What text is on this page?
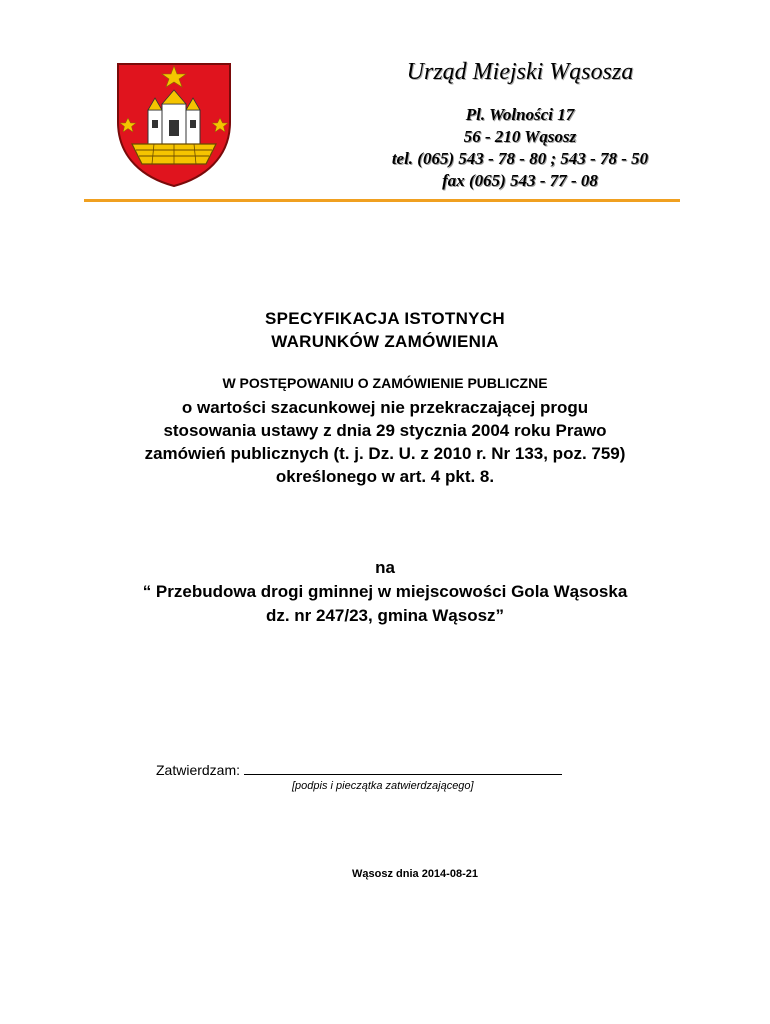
Urząd Miejski Wąsosza
Pl. Wolności 17
56 - 210 Wąsosz
tel. (065) 543 - 78 - 80 ; 543 - 78 - 50
fax (065) 543 - 77 - 08
SPECYFIKACJA ISTOTNYCH
WARUNKÓW ZAMÓWIENIA
W POSTĘPOWANIU O ZAMÓWIENIE PUBLICZNE
o wartości szacunkowej nie przekraczającej progu
stosowania ustawy z dnia 29 stycznia 2004 roku Prawo
zamówień publicznych (t. j. Dz. U. z 2010 r. Nr 133, poz. 759)
określonego w art. 4 pkt. 8.
na
“ Przebudowa drogi gminnej w miejscowości Gola Wąsoska
dz. nr 247/23, gmina Wąsosz”
Zatwierdzam:
[podpis i pieczątka zatwierdzającego]
Wąsosz dnia 2014-08-21
